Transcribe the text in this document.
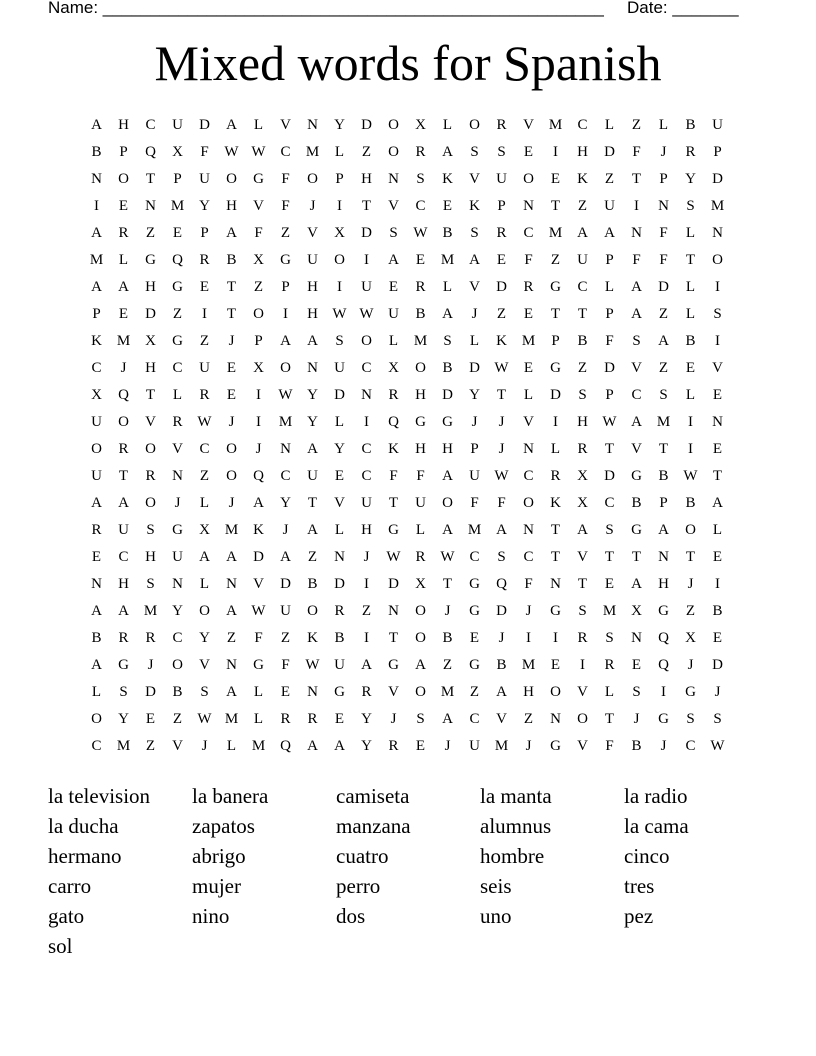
Name: _____________________________________________________ Date: _______
Mixed words for Spanish
A	H	C	U	D	A	L	V	N	Y	D	O	X	L	O	R	V M	C	L	Z	L	B	U
B	P	Q	X	F	W W C	M	L	Z	O	R	A	S	S	E	I	H	D	F	J	R	P
N	O	T	P	U	O	G	F	O	P	H	N	S	K	V	U	O	E	K	Z	T	P	Y	D
I	E	N M Y	H	V	F	J	I	T	V	C	E	K	P	N	T	Z	U	I	N	S	M
A	R	Z	E	P	A	F	Z	V	X	D	S	W B	S	R	C	M A	A	N	F	L	N
M	L	G	Q	R	B	X	G	U	O	I	A	E	M A	E	F	Z	U	P	F	F	T	O
A	A	H	G	E	T	Z	P	H	I	U	E	R	L	V	D	R	G	C	L	A	D	L	I
P	E	D	Z	I	T	O	I	H W W U	B	A	J	Z	E	T	T	P	A	Z	L	S
K M X	G	Z	J	P	A	A	S	O	L	M	S	L	K M	P	B	F	S	A	B	I
C	J	H	C	U	E	X	O	N	U	C	X	O	B	D W	E	G	Z	D	V	Z	E	V
X	Q	T	L	R	E	I	W Y	D	N	R	H	D	Y	T	L	D	S	P	C	S	L	E
U	O	V	R W	J	I	M Y	L	I	Q	G	G	J	J	V	I	H W A M	I	N
O	R	O	V	C	O	J	N	A	Y	C	K	H	H	P	J	N	L	R	T	V	T	I	E
U	T	R	N	Z	O	Q	C	U	E	C	F	F	A	U W C	R	X	D	G	B W	T
A	A	O	J	L	J	A	Y	T	V	U	T	U	O	F	F	O	K	X	C	B	P	B	A
R	U	S	G	X M K	J	A	L	H	G	L	A M A	N	T	A	S	G	A	O	L
E	C	H	U	A	A	D	A	Z	N	J	W R W C	S	C	T	V	T	T	N	T	E
N	H	S	N	L	N	V	D	B	D	I	D	X	T	G	Q	F	N	T	E	A	H	J	I
A	A M Y	O	A W U	O	R	Z	N	O	J	G	D	J	G	S	M X	G	Z	B
B	R	R	C	Y	Z	F	Z	K	B	I	T	O	B	E	J	I	I	R	S	N	Q	X	E
A	G	J	O	V	N	G	F	W U	A	G	A	Z	G	B	M	E	I	R	E	Q	J	D
L	S	D	B	S	A	L	E	N	G	R	V	O M	Z	A	H	O	V	L	S	I	G	J
O	Y	E	Z	W M	L	R	R	E	Y	J	S	A	C	V	Z	N	O	T	J	G	S	S
C	M	Z	V	J	L	M Q	A	A	Y	R	E	J	U M	J	G	V	F	B	J	C W
la television	la banera	camiseta	la manta	la radio
la ducha	zapatos	manzana	alumnus	la cama
hermano	abrigo	cuatro	hombre	cinco
carro	mujer	perro	seis	tres
gato	nino	dos	uno	pez
sol
